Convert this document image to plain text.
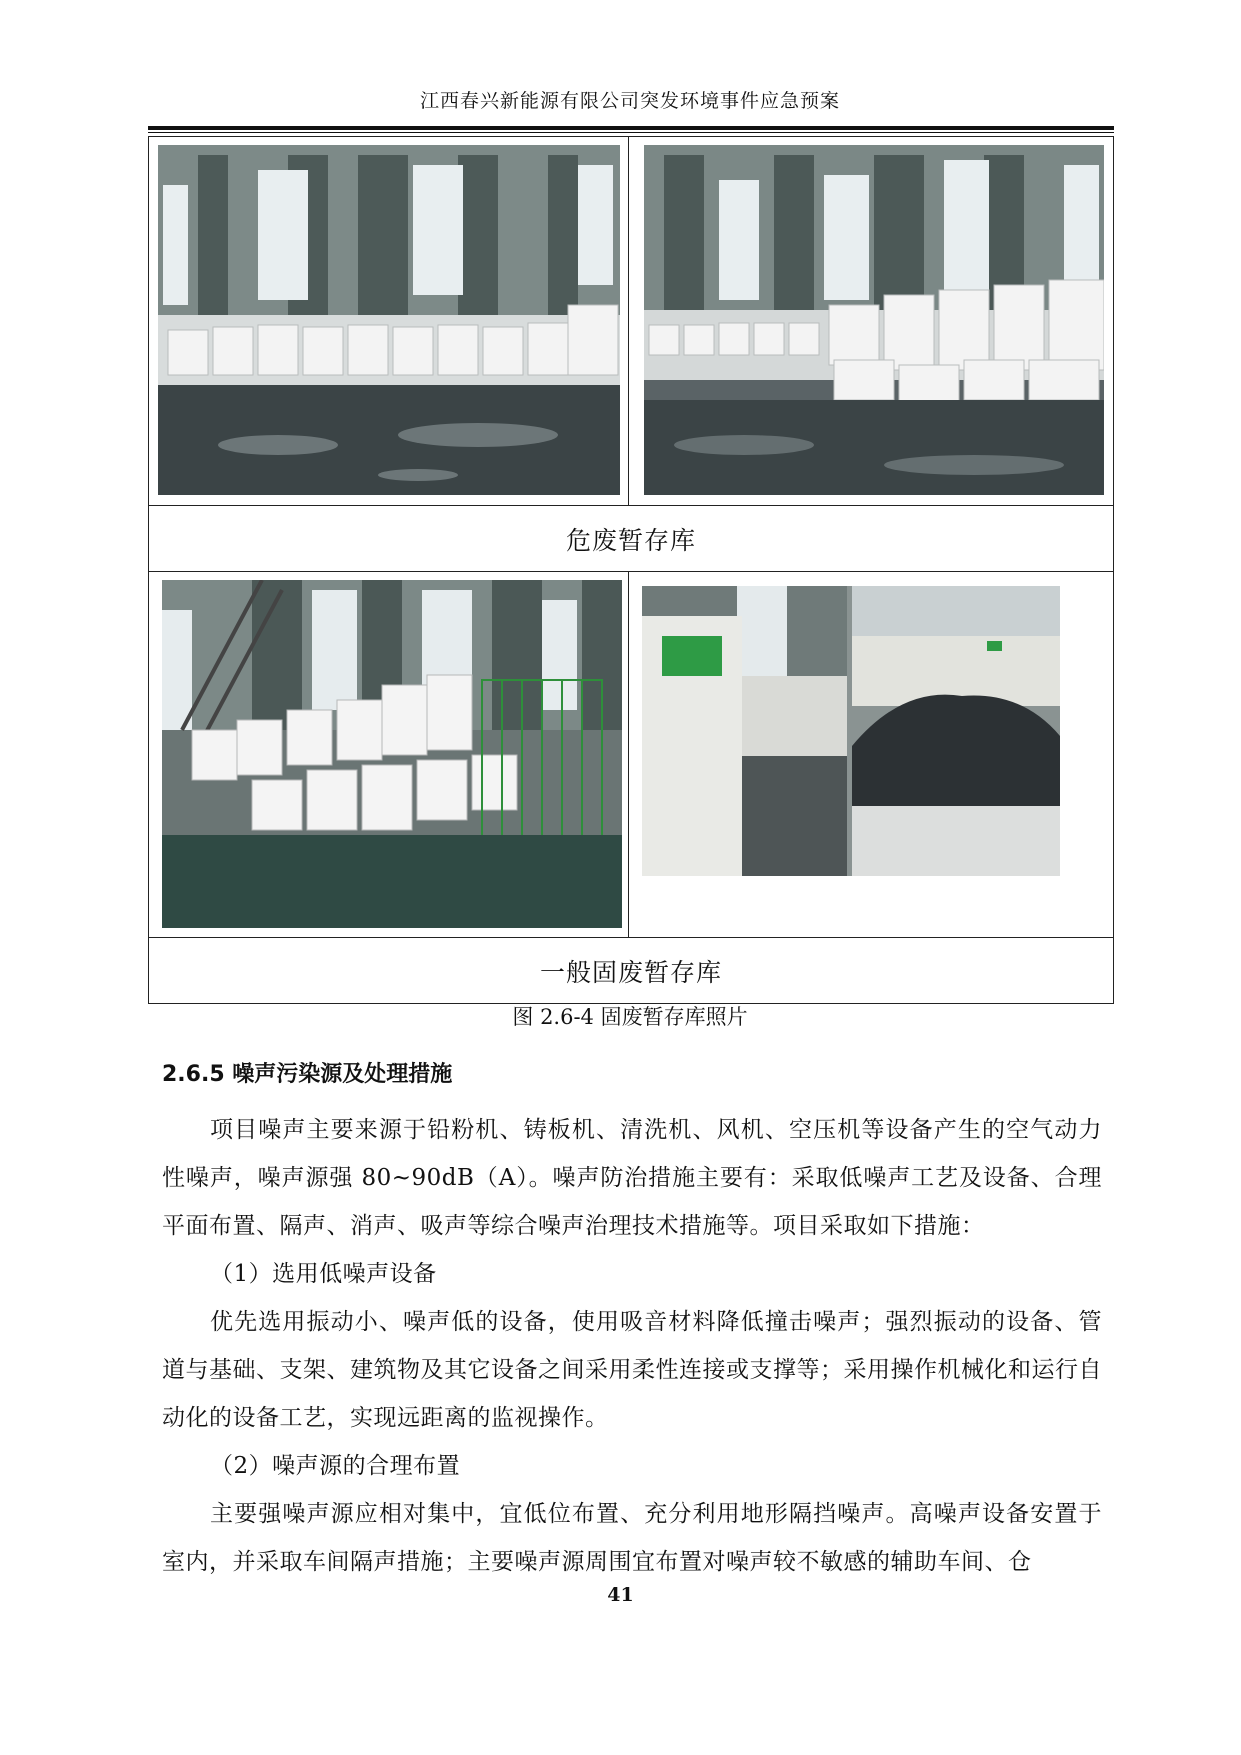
江西春兴新能源有限公司突发环境事件应急预案

危废暂存库	

一般固废暂存库	
图 2.6-4 固废暂存库照片
2.6.5 噪声污染源及处理措施

项目噪声主要来源于铅粉机、铸板机、清洗机、风机、空压机等设备产生的空气动力性噪声，噪声源强 80~90dB（A）。噪声防治措施主要有：采取低噪声工艺及设备、合理平面布置、隔声、消声、吸声等综合噪声治理技术措施等。项目采取如下措施：

（1）选用低噪声设备

优先选用振动小、噪声低的设备，使用吸音材料降低撞击噪声；强烈振动的设备、管道与基础、支架、建筑物及其它设备之间采用柔性连接或支撑等；采用操作机械化和运行自动化的设备工艺，实现远距离的监视操作。

（2）噪声源的合理布置

主要强噪声源应相对集中，宜低位布置、充分利用地形隔挡噪声。高噪声设备安置于室内，并采取车间隔声措施；主要噪声源周围宜布置对噪声较不敏感的辅助车间、仓

41
